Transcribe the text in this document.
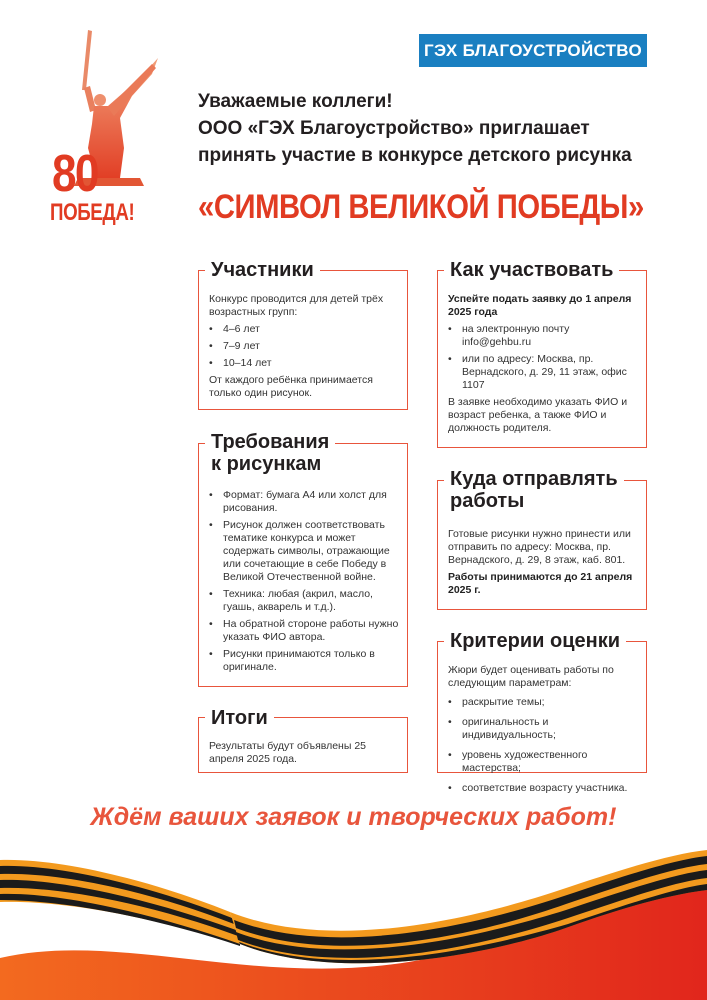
ГЭХ БЛАГОУСТРОЙСТВО
80
ПОБЕДА!
Уважаемые коллеги!
ООО «ГЭХ Благоустройство» приглашает
принять участие в конкурсе детского рисунка
«СИМВОЛ ВЕЛИКОЙ ПОБЕДЫ»
Участники

Конкурс проводится для детей трёх возрастных групп:

• 4–6 лет
• 7–9 лет
• 10–14 лет

От каждого ребёнка принимается только один рисунок.

Требования
к рисункам
• Формат: бумага А4 или холст для рисования.
• Рисунок должен соответствовать тематике конкурса и может содержать символы, отражающие или сочетающие в себе Победу в Великой Отечественной войне.
• Техника: любая (акрил, масло, гуашь, акварель и т.д.).
• На обратной стороне работы нужно указать ФИО автора.
• Рисунки принимаются только в оригинале.
Итоги

Результаты будут объявлены 25 апреля 2025 года.

Как участвовать

Успейте подать заявку до 1 апреля 2025 года

• на электронную почту info@gehbu.ru
• или по адресу: Москва, пр. Вернадского, д. 29, 11 этаж, офис 1107

В заявке необходимо указать ФИО и возраст ребенка, а также ФИО и должность родителя.

Куда отправлять
работы

Готовые рисунки нужно принести или отправить по адресу: Москва, пр. Вернадского, д. 29, 8 этаж, каб. 801.

Работы принимаются до 21 апреля 2025 г.

Критерии оценки

Жюри будет оценивать работы по следующим параметрам:

• раскрытие темы;
• оригинальность и индивидуальность;
• уровень художественного мастерства;
• соответствие возрасту участника.
Ждём ваших заявок и творческих работ!
